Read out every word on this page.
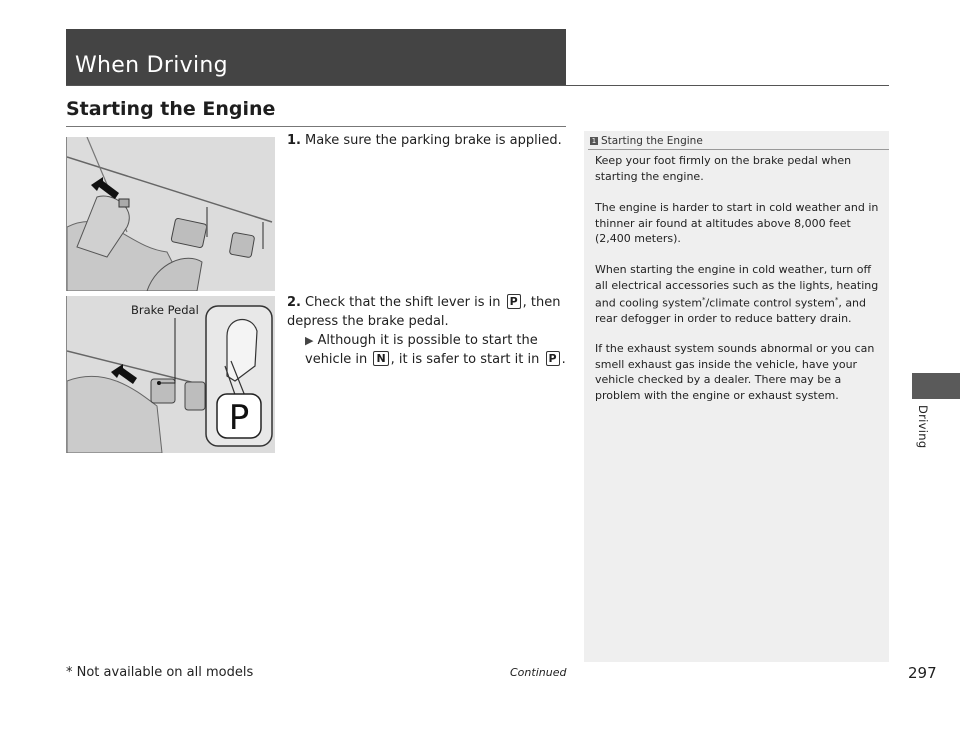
When Driving
Starting the Engine
P
Brake Pedal
1. Make sure the parking brake is applied.
2. Check that the shift lever is in P , then depress the brake pedal.
▶ Although it is possible to start the vehicle in N , it is safer to start it in P .
1 Starting the Engine
Keep your foot firmly on the brake pedal when starting the engine.
The engine is harder to start in cold weather and in thinner air found at altitudes above 8,000 feet (2,400 meters).
When starting the engine in cold weather, turn off all electrical accessories such as the lights, heating and cooling system*/climate control system*, and rear defogger in order to reduce battery drain.
If the exhaust system sounds abnormal or you can smell exhaust gas inside the vehicle, have your vehicle checked by a dealer. There may be a problem with the engine or exhaust system.
Driving
Continued
* Not available on all models	297
